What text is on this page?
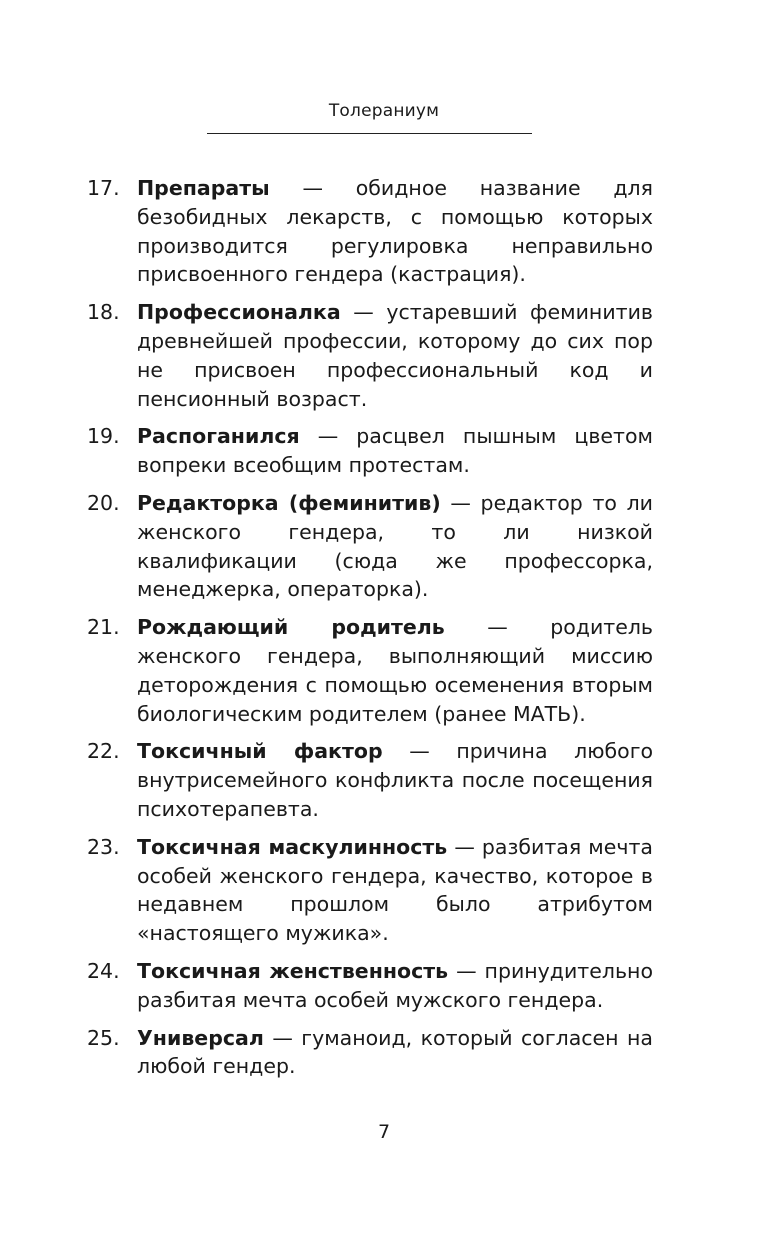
Толераниум
17. Препараты — обидное название для безобидных лекарств, с помощью которых производится регулировка неправильно присвоенного гендера (кастрация).
18. Профессионалка — устаревший феминитив древнейшей профессии, которому до сих пор не присвоен профессиональный код и пенсионный возраст.
19. Распоганился — расцвел пышным цветом вопреки всеобщим протестам.
20. Редакторка (феминитив) — редактор то ли женского гендера, то ли низкой квалификации (сюда же профессорка, менеджерка, операторка).
21. Рождающий родитель — родитель женского гендера, выполняющий миссию деторождения с помощью осеменения вторым биологическим родителем (ранее МАТЬ).
22. Токсичный фактор — причина любого внутрисемейного конфликта после посещения психотерапевта.
23. Токсичная маскулинность — разбитая мечта особей женского гендера, качество, которое в недавнем прошлом было атрибутом «настоящего мужика».
24. Токсичная женственность — принудительно разбитая мечта особей мужского гендера.
25. Универсал — гуманоид, который согласен на любой гендер.
7
